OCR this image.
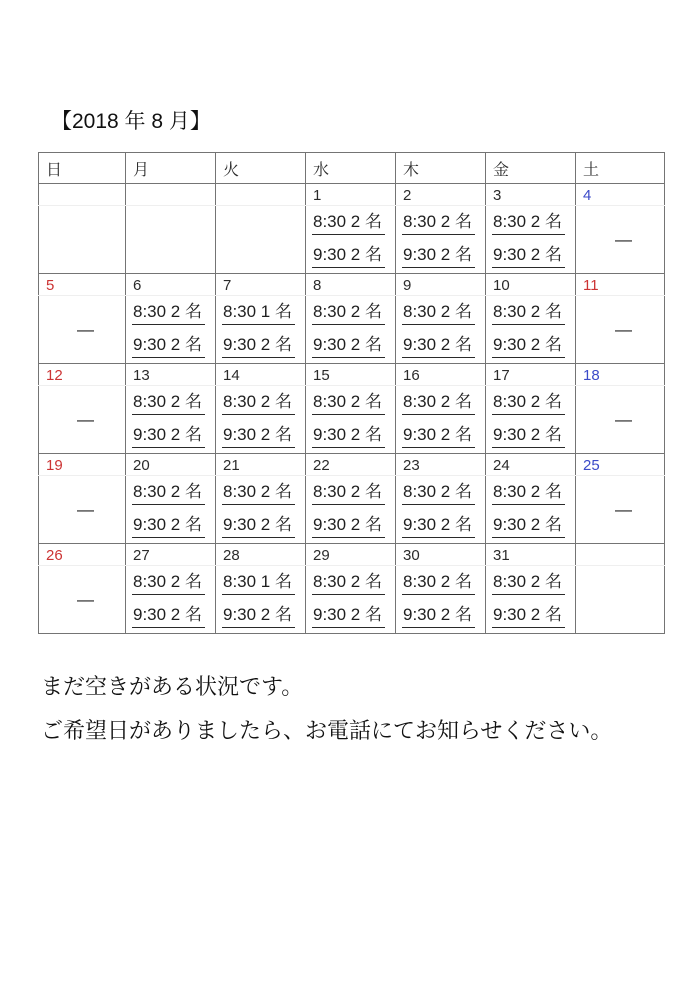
【2018 年 8 月】
日	月	火	水	木	金	土
			1	2	3	4
			8:30 2 名	8:30 2 名	8:30 2 名	—
			9:30 2 名	9:30 2 名	9:30 2 名	
5	6	7	8	9	10	11
—	8:30 2 名	8:30 1 名	8:30 2 名	8:30 2 名	8:30 2 名	—
	9:30 2 名	9:30 2 名	9:30 2 名	9:30 2 名	9:30 2 名	
12	13	14	15	16	17	18
—	8:30 2 名	8:30 2 名	8:30 2 名	8:30 2 名	8:30 2 名	—
	9:30 2 名	9:30 2 名	9:30 2 名	9:30 2 名	9:30 2 名	
19	20	21	22	23	24	25
—	8:30 2 名	8:30 2 名	8:30 2 名	8:30 2 名	8:30 2 名	—
	9:30 2 名	9:30 2 名	9:30 2 名	9:30 2 名	9:30 2 名	
26	27	28	29	30	31	
—	8:30 2 名	8:30 1 名	8:30 2 名	8:30 2 名	8:30 2 名	
	9:30 2 名	9:30 2 名	9:30 2 名	9:30 2 名	9:30 2 名	

まだ空きがある状況です。

ご希望日がありましたら、お電話にてお知らせください。
